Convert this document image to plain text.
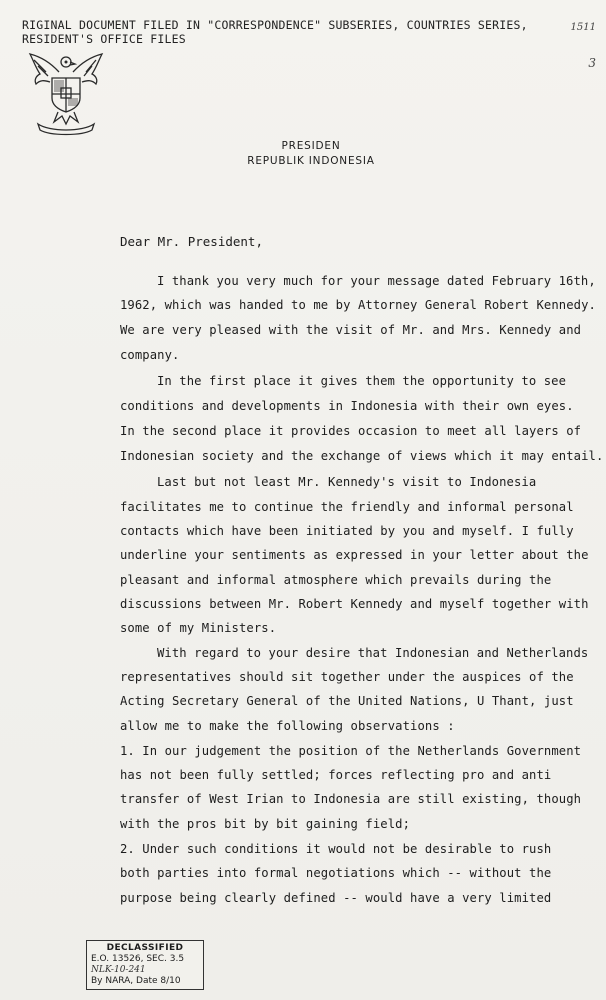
RIGINAL DOCUMENT FILED IN "CORRESPONDENCE" SUBSERIES, COUNTRIES SERIES,
RESIDENT'S OFFICE FILES
1511
3
PRESIDEN
REPUBLIK INDONESIA
Dear Mr. President,
I thank you very much for your message dated February 16th,
1962, which was handed to me by Attorney General Robert Kennedy.
We are very pleased with the visit of Mr. and Mrs. Kennedy and
company.
In the first place it gives them the opportunity to see
conditions and developments in Indonesia with their own eyes.
In the second place it provides occasion to meet all layers of
Indonesian society and the exchange of views which it may entail.
Last but not least Mr. Kennedy's visit to Indonesia
facilitates me to continue the friendly and informal personal
contacts which have been initiated by you and myself. I fully
underline your sentiments as expressed in your letter about the
pleasant and informal atmosphere which prevails during the
discussions between Mr. Robert Kennedy and myself together with
some of my Ministers.
With regard to your desire that Indonesian and Netherlands
representatives should sit together under the auspices of the
Acting Secretary General of the United Nations, U Thant, just
allow me to make the following observations :
1. In our judgement the position of the Netherlands Government
has not been fully settled; forces reflecting pro and anti
transfer of West Irian to Indonesia are still existing, though
with the pros bit by bit gaining field;
2. Under such conditions it would not be desirable to rush
both parties into formal negotiations which -- without the
purpose being clearly defined -- would have a very limited
DECLASSIFIED
E.O. 13526, SEC. 3.5
NLK-10-241
By NARA, Date 8/10
